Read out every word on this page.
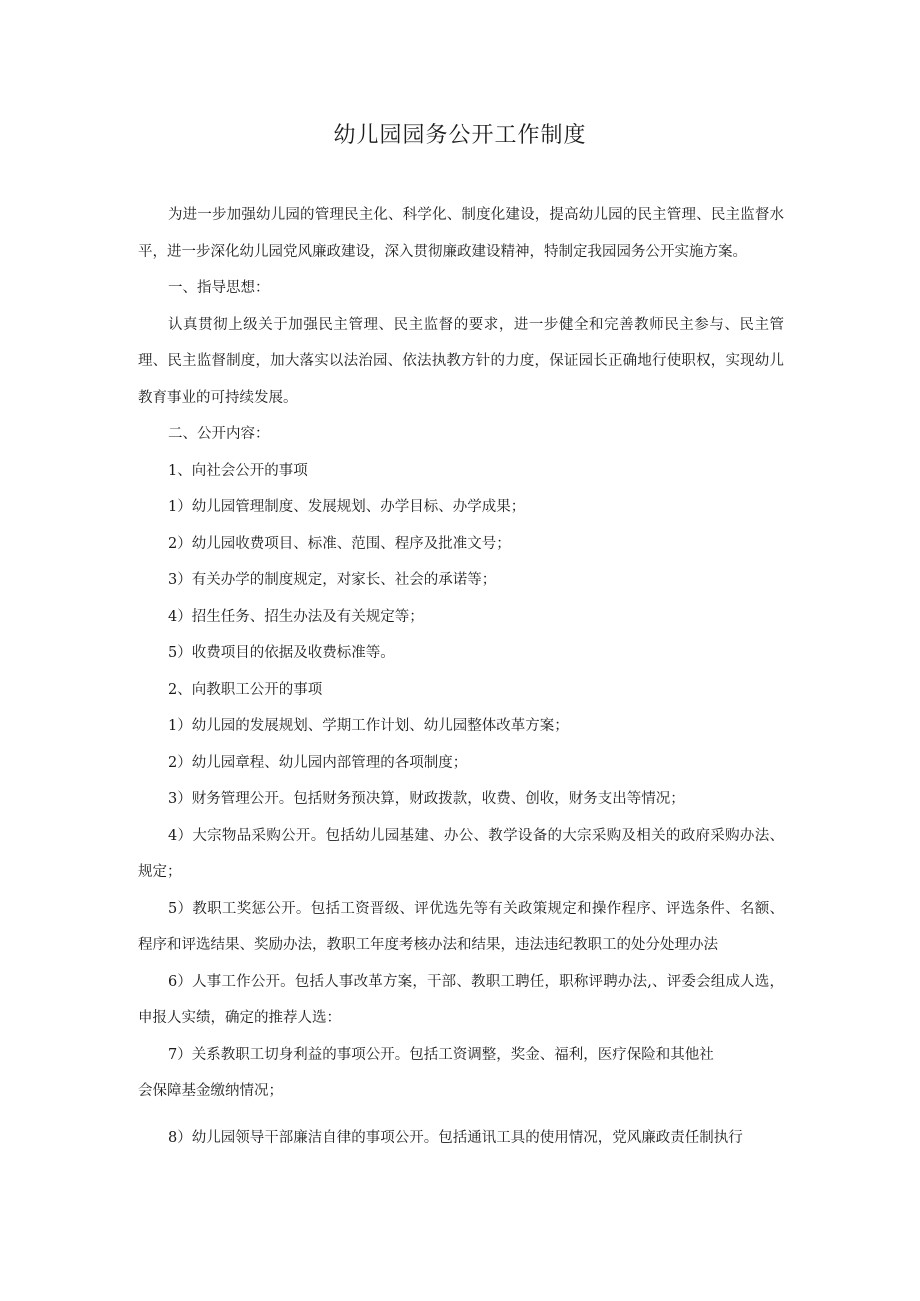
幼儿园园务公开工作制度

为进一步加强幼儿园的管理民主化、科学化、制度化建设，提高幼儿园的民主管理、民主监督水平，进一步深化幼儿园党风廉政建设，深入贯彻廉政建设精神，特制定我园园务公开实施方案。

一、指导思想：

认真贯彻上级关于加强民主管理、民主监督的要求，进一步健全和完善教师民主参与、民主管理、民主监督制度，加大落实以法治园、依法执教方针的力度，保证园长正确地行使职权，实现幼儿教育事业的可持续发展。

二、公开内容：

1、向社会公开的事项

1）幼儿园管理制度、发展规划、办学目标、办学成果；

2）幼儿园收费项目、标准、范围、程序及批准文号；

3）有关办学的制度规定，对家长、社会的承诺等；

4）招生任务、招生办法及有关规定等；

5）收费项目的依据及收费标准等。

2、向教职工公开的事项

1）幼儿园的发展规划、学期工作计划、幼儿园整体改革方案；

2）幼儿园章程、幼儿园内部管理的各项制度；

3）财务管理公开。包括财务预决算，财政拨款，收费、创收，财务支出等情况；

4）大宗物品采购公开。包括幼儿园基建、办公、教学设备的大宗采购及相关的政府采购办法、规定；

5）教职工奖惩公开。包括工资晋级、评优选先等有关政策规定和操作程序、评选条件、名额、程序和评选结果、奖励办法，教职工年度考核办法和结果，违法违纪教职工的处分处理办法

6）人事工作公开。包括人事改革方案，干部、教职工聘任，职称评聘办法,、评委会组成人选，申报人实绩，确定的推荐人选：

7）关系教职工切身利益的事项公开。包括工资调整，奖金、福利，医疗保险和其他社

会保障基金缴纳情况；

8）幼儿园领导干部廉洁自律的事项公开。包括通讯工具的使用情况，党风廉政责任制执行
